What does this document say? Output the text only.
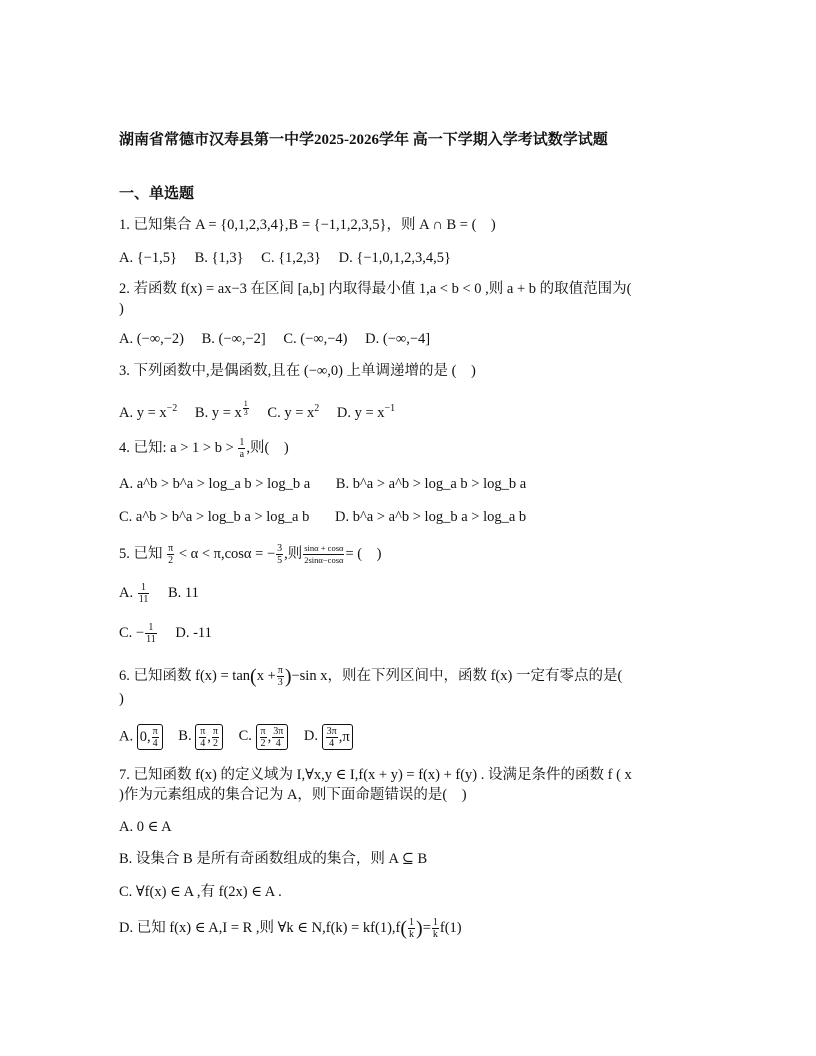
湖南省常德市汉寿县第一中学2025-2026学年 高一下学期入学考试数学试题
一、单选题
1. 已知集合 A = {0,1,2,3,4},B = {−1,1,2,3,5}，则 A ∩ B = (　)
A. {−1,5} B. {1,3} C. {1,2,3} D. {−1,0,1,2,3,4,5}
2. 若函数 f(x) = ax−3 在区间 [a,b] 内取得最小值 1,a < b < 0 ,则 a + b 的取值范围为(
)
A. (−∞,−2) B. (−∞,−2] C. (−∞,−4) D. (−∞,−4]
3. 下列函数中,是偶函数,且在 (−∞,0) 上单调递增的是 (　)
A. $y = x^{-2}$ B. y = x $^{\frac{1}{3}}$ C. $y = x^2$ D. $y = x^{-1}$
4. 已知: $a > 1 > b > \frac{1}{a}$ ,则(　)
A. a^b > b^a > log_a b > log_b a B. b^a > a^b > log_a b > log_b a
C. a^b > b^a > log_b a > log_a b D. b^a > a^b > log_b a > log_a b
5. 已知 $\frac{\pi}{2} < \alpha < \pi,\cos\alpha$ = − $\frac{3}{5}$ ,则 $\frac{\sin\alpha + \cos\alpha}{2\sin\alpha-\cos\alpha}$ = (　)
A. $\frac{1}{11} B$. 11
C. − $\frac{1}{11} D$. -11
6. 已知函数 $f(x) = \tan(x + \frac{\pi}{3} )-\sin$ x，则在下列区间中，函数 f(x) 一定有零点的是(
)
A. 0, $\frac{\pi}{4} B$. $\frac{\pi}{4}$ , $\frac{\pi}{2} C$. $\frac{\pi}{2}$ , $\frac{3\pi}{4} D$. $\frac{3\pi}{4} ,\pi$
7. 已知函数 f(x) 的定义域为 I,∀x,y ∈ I,f(x + y) = f(x) + f(y) . 设满足条件的函数 f ( x
)作为元素组成的集合记为 A，则下面命题错误的是(　)
A. 0 ∈ A
B. 设集合 B 是所有奇函数组成的集合，则 A ⊆ B
C. ∀f(x) ∈ A ,有 f(2x) ∈ A .
D. 已知 f(x) ∈ A,I = R ,则 ∀k ∈ $N,f(k) = kf(1),f( \frac{1}{k}$ )= $\frac{1}{k} f(1)$
